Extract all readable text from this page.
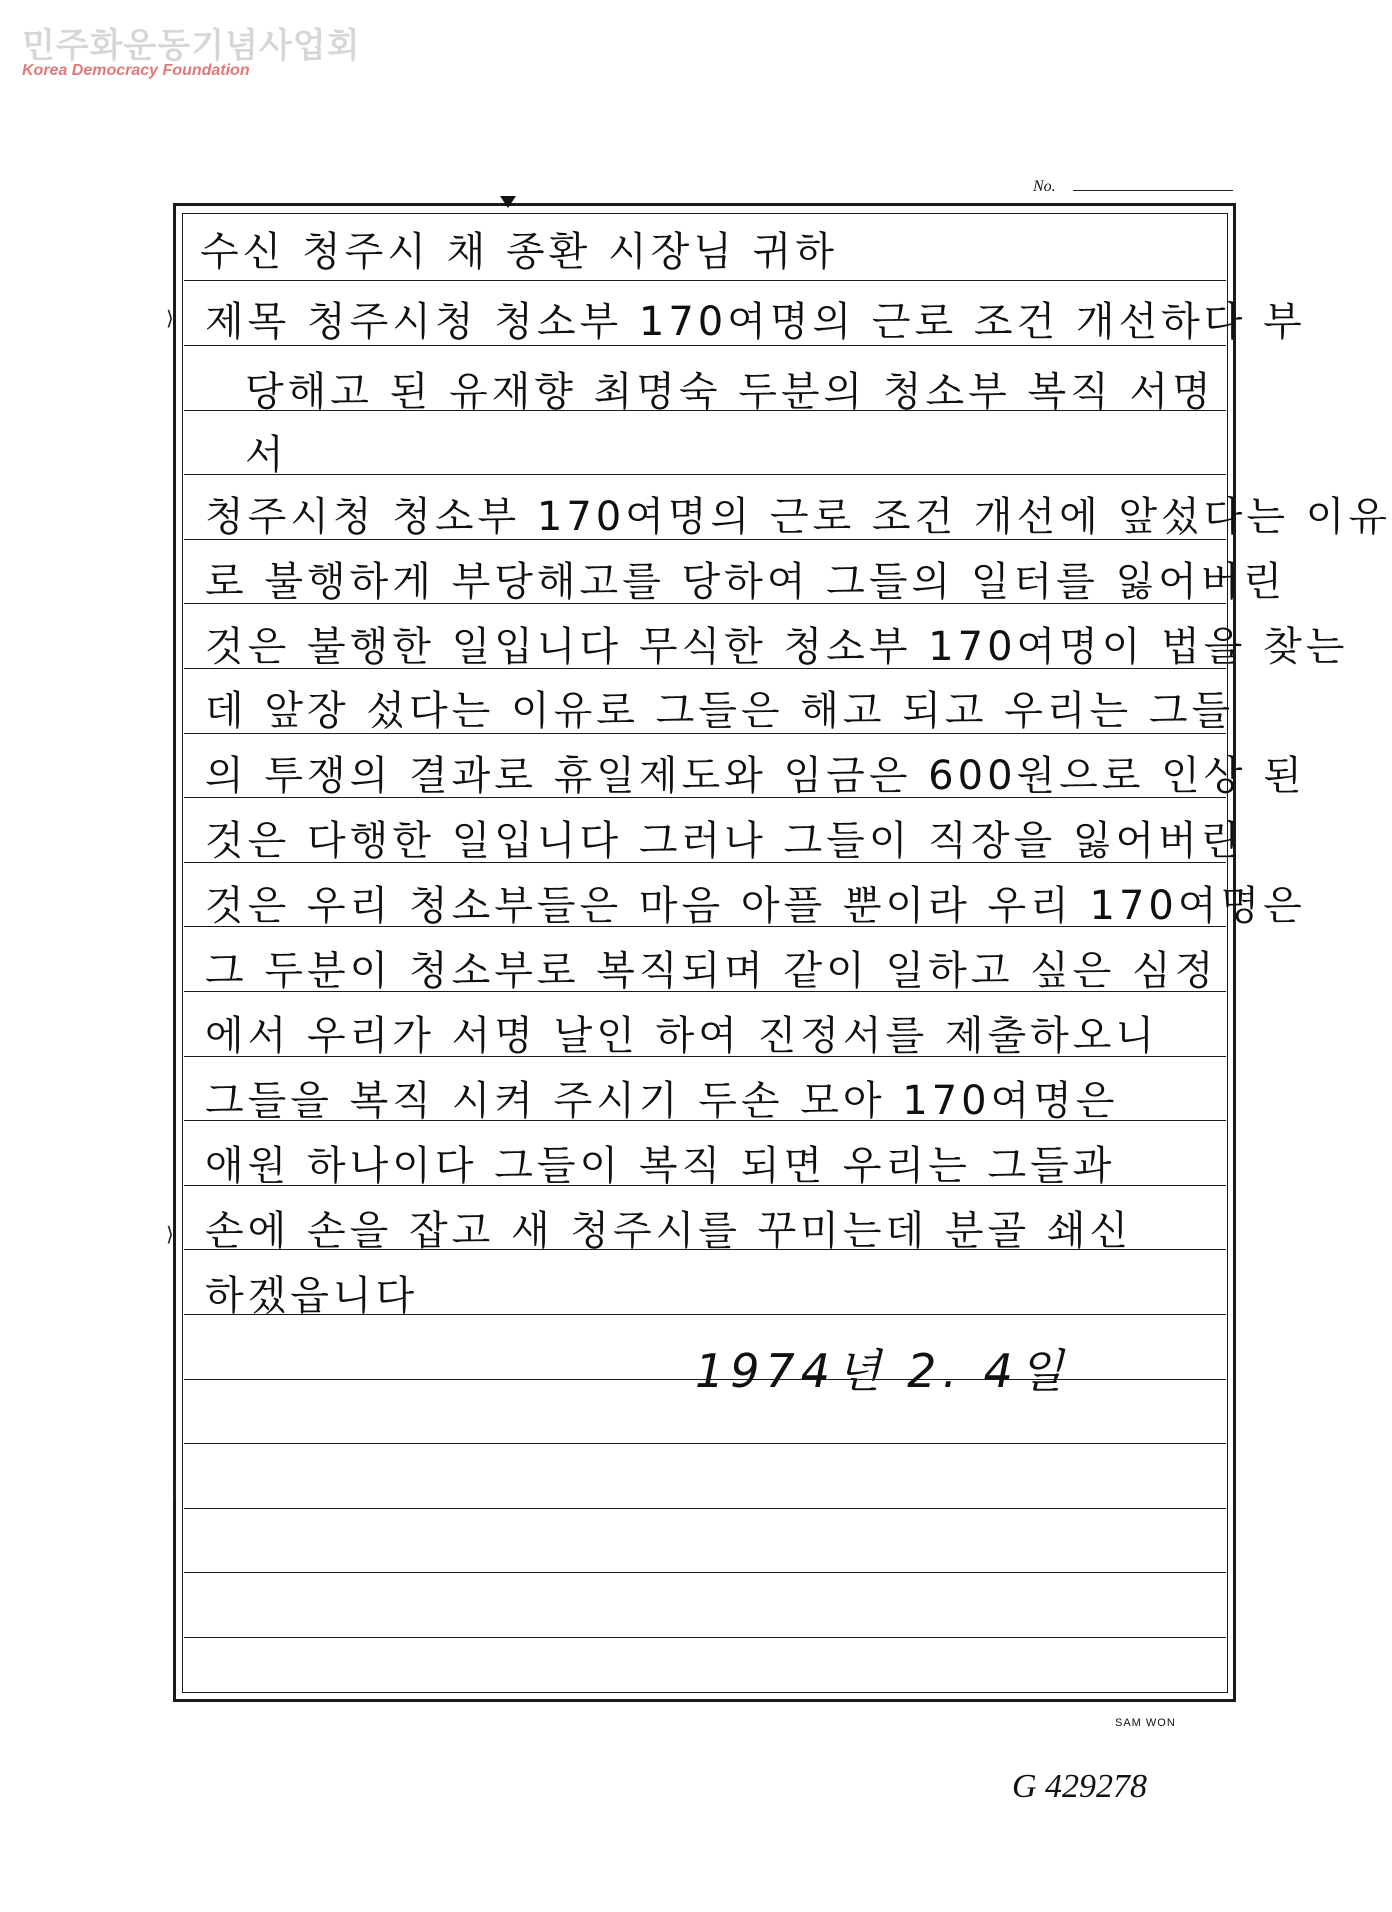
민주화운동기념사업회
Korea Democracy Foundation
No.
수신 청주시 채 종환 시장님 귀하
제목 청주시청 청소부 170여명의 근로 조건 개선하다 부
당해고 된 유재향 최명숙 두분의 청소부 복직 서명
서
청주시청 청소부 170여명의 근로 조건 개선에 앞섰다는 이유
로 불행하게 부당해고를 당하여 그들의 일터를 잃어버린
것은 불행한 일입니다 무식한 청소부 170여명이 법을 찾는
데 앞장 섰다는 이유로 그들은 해고 되고 우리는 그들
의 투쟁의 결과로 휴일제도와 임금은 600원으로 인상 된
것은 다행한 일입니다 그러나 그들이 직장을 잃어버린
것은 우리 청소부들은 마음 아플 뿐이라 우리 170여명은
그 두분이 청소부로 복직되며 같이 일하고 싶은 심정
에서 우리가 서명 날인 하여 진정서를 제출하오니
그들을 복직 시켜 주시기 두손 모아 170여명은
애원 하나이다 그들이 복직 되면 우리는 그들과
손에 손을 잡고 새 청주시를 꾸미는데 분골 쇄신
하겠읍니다
1974년 2. 4일
⟩
⟩
ǀ
SAM WON
G 429278
